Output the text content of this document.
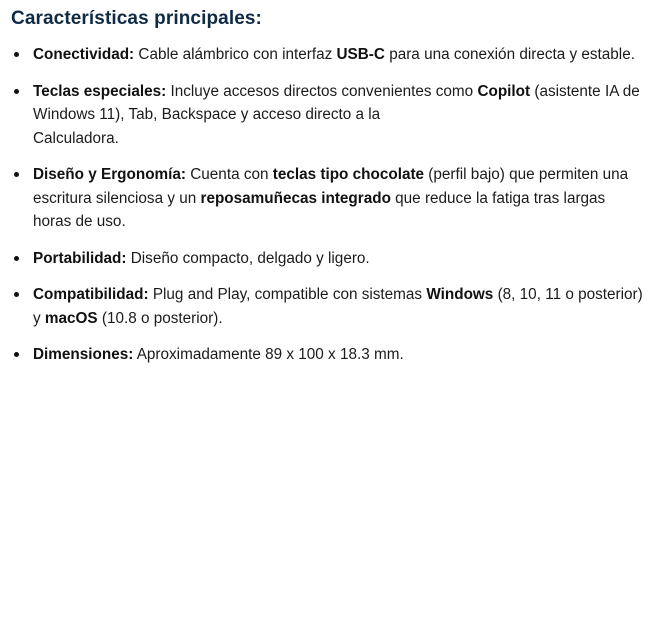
Características principales:
Conectividad: Cable alámbrico con interfaz USB-C para una conexión directa y estable.
Teclas especiales: Incluye accesos directos convenientes como Copilot (asistente IA de Windows 11), Tab, Backspace y acceso directo a la
Calculadora.
Diseño y Ergonomía: Cuenta con teclas tipo chocolate (perfil bajo) que permiten una escritura silenciosa y un reposamuñecas integrado que reduce la fatiga tras largas horas de uso.
Portabilidad: Diseño compacto, delgado y ligero.
Compatibilidad: Plug and Play, compatible con sistemas Windows (8, 10, 11 o posterior) y macOS (10.8 o posterior).
Dimensiones: Aproximadamente 89 x 100 x 18.3 mm.
